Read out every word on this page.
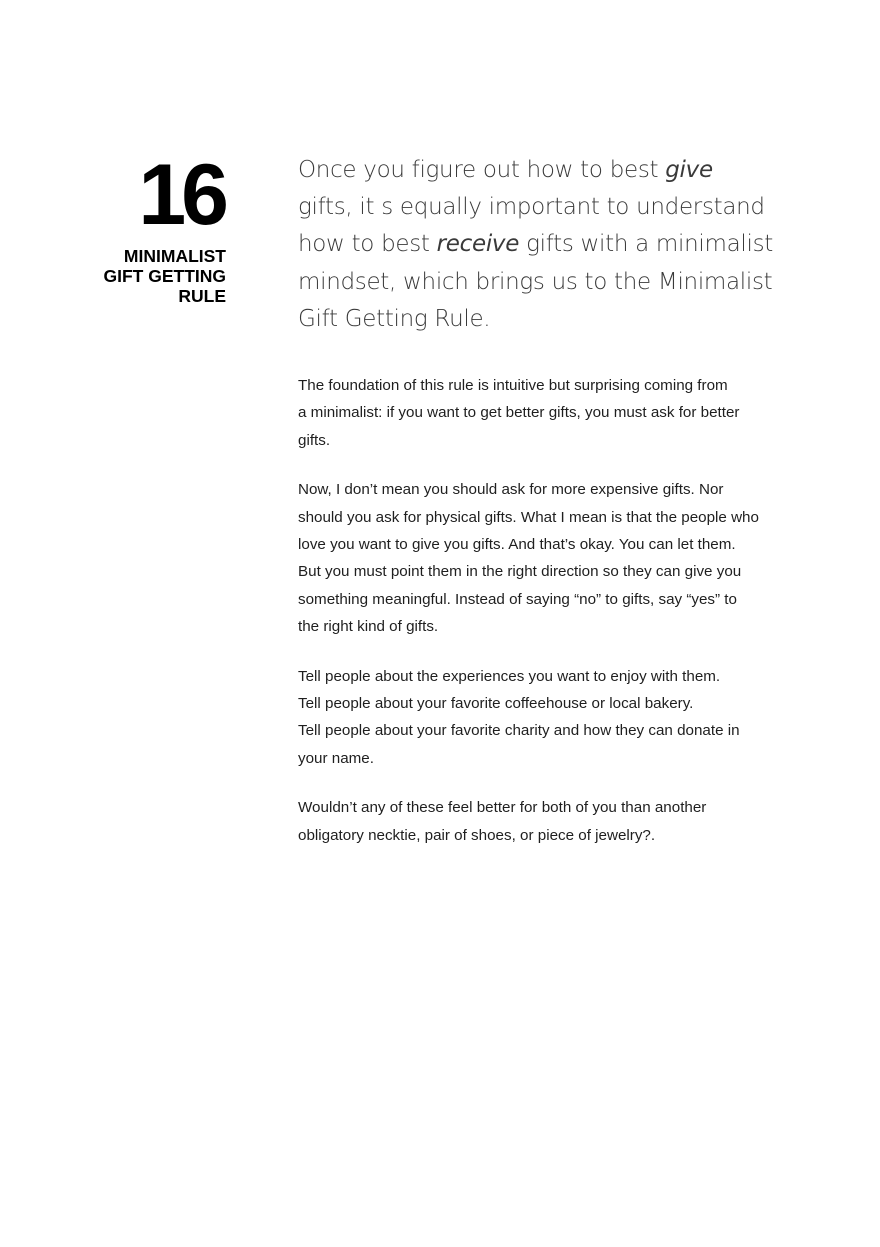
16
MINIMALIST
GIFT GETTING
RULE
Once you figure out how to best give
gifts, it s equally important to understand
how to best receive gifts with a minimalist
mindset, which brings us to the Minimalist
Gift Getting Rule.

The foundation of this rule is intuitive but surprising coming from
a minimalist: if you want to get better gifts, you must ask for better
gifts.

Now, I don’t mean you should ask for more expensive gifts. Nor
should you ask for physical gifts. What I mean is that the people who
love you want to give you gifts. And that’s okay. You can let them.
But you must point them in the right direction so they can give you
something meaningful. Instead of saying “no” to gifts, say “yes” to
the right kind of gifts.

Tell people about the experiences you want to enjoy with them.
Tell people about your favorite coffeehouse or local bakery.
Tell people about your favorite charity and how they can donate in
your name.

Wouldn’t any of these feel better for both of you than another
obligatory necktie, pair of shoes, or piece of jewelry?.
